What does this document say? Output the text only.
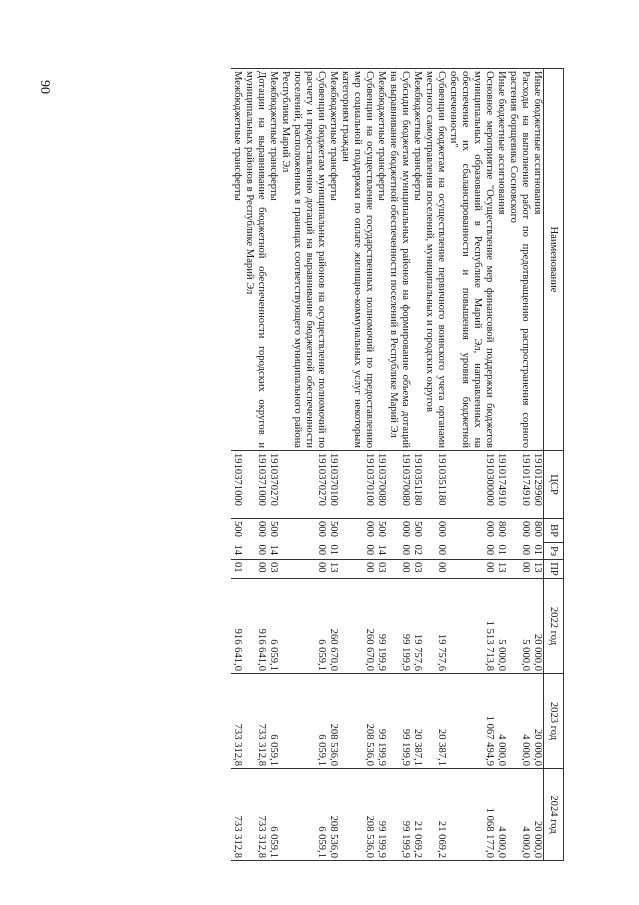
90
Наименование	ЦСР	ВР	Рз	ПР	2022 год	2023 год	2024 год
Иные бюджетные ассигнования	1910129960	800	01	13	20 000,0	20 000,0	20 000,0
Расходы на выполнение работ по предотвращению распространения сорного растения борщевика Сосновского	1910174910	000	00	00	5 000,0	4 000,0	4 000,0
Иные бюджетные ассигнования	1910174910	800	01	13	5 000,0	4 000,0	4 000,0
Основное мероприятие "Осуществление мер финансовой поддержки бюджетов муниципальных образований в Республике Марий Эл, направленных на обеспечение их сбалансированности и повышения уровня бюджетной обеспеченности"	1910300000	000	00	00	1 513 713,8	1 067 494,9	1 068 177,0
Субвенции бюджетам на осуществление первичного воинского учета органами местного самоуправления поселений, муниципальных и городских округов	1910351180	000	00	00	19 757,6	20 387,1	21 069,2
Межбюджетные трансферты	1910351180	500	02	03	19 757,6	20 387,1	21 069,2
Субсидии бюджетам муниципальных районов на формирование объема дотаций на выравнивание бюджетной обеспеченности поселений в Республике Марий Эл	1910370080	000	00	00	99 199,9	99 199,9	99 199,9
Межбюджетные трансферты	1910370080	500	14	03	99 199,9	99 199,9	99 199,9
Субвенции на осуществление государственных полномочий по предоставлению мер социальной поддержки по оплате жилищно-коммунальных услуг некоторым категориям граждан	1910370100	000	00	00	260 670,0	208 536,0	208 536,0
Межбюджетные трансферты	1910370100	500	01	13	260 670,0	208 536,0	208 536,0
Субвенции бюджетам муниципальных районов на осуществление полномочий по расчету и предоставлению дотаций на выравнивание бюджетной обеспеченности поселений, расположенных в границах соответствующего муниципального района Республики Марий Эл	1910370270	000	00	00	6 059,1	6 059,1	6 059,1
Межбюджетные трансферты	1910370270	500	14	03	6 059,1	6 059,1	6 059,1
Дотации на выравнивание бюджетной обеспеченности городских округов и муниципальных районов в Республике Марий Эл	1910371000	000	00	00	916 641,0	733 312,8	733 312,8
Межбюджетные трансферты	1910371000	500	14	01	916 641,0	733 312,8	733 312,8
